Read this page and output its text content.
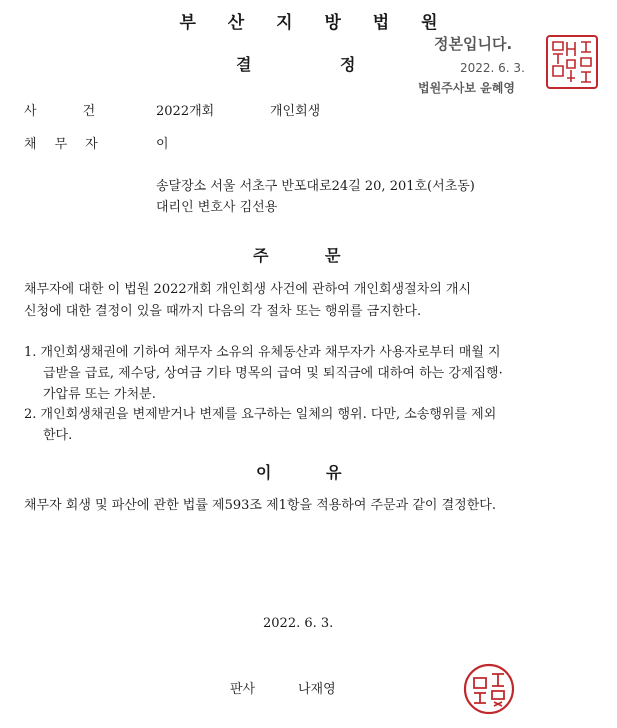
부 산 지 방 법 원
결	정
정본입니다.
2022. 6. 3.
법원주사보 윤혜영
사	건	2022개회	개인회생
채 무 자	이
송달장소 서울 서초구 반포대로24길 20, 201호(서초동)
대리인 변호사 김선용
주	문
채무자에 대한 이 법원 2022개회 개인회생 사건에 관하여 개인회생절차의 개시
신청에 대한 결정이 있을 때까지 다음의 각 절차 또는 행위를 금지한다.
1. 개인회생채권에 기하여 채무자 소유의 유체동산과 채무자가 사용자로부터 매월 지
급받을 급료, 제수당, 상여금 기타 명목의 급여 및 퇴직금에 대하여 하는 강제집행·
가압류 또는 가처분.
2. 개인회생채권을 변제받거나 변제를 요구하는 일체의 행위. 다만, 소송행위를 제외
한다.
이	유
채무자 회생 및 파산에 관한 법률 제593조 제1항을 적용하여 주문과 같이 결정한다.
2022. 6. 3.
판사	나재영
